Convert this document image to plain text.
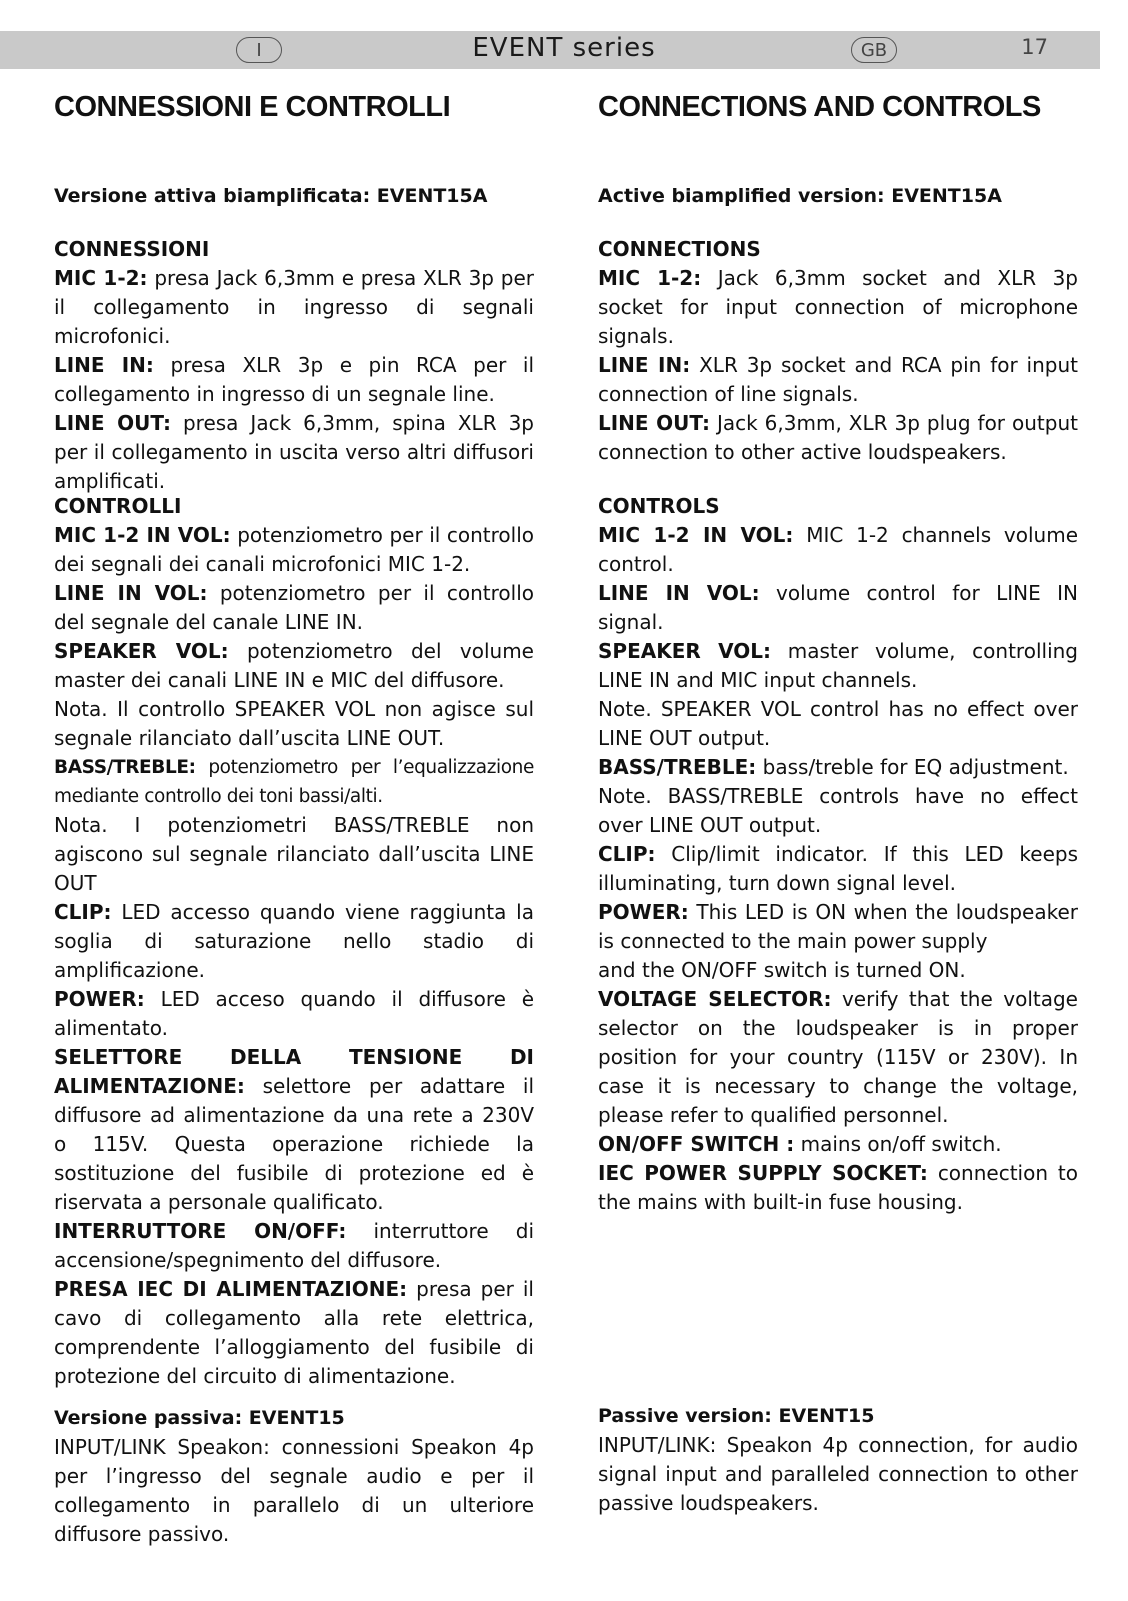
I	EVENT series	GB	17
CONNESSIONI E CONTROLLI
Versione attiva biamplificata: EVENT15A

CONNESSIONI

MIC 1-2: presa Jack 6,3mm e presa XLR 3p per il collegamento in ingresso di segnali microfonici.

LINE IN: presa XLR 3p e pin RCA per il collegamento in ingresso di un segnale line.

LINE OUT: presa Jack 6,3mm, spina XLR 3p per il collegamento in uscita verso altri diffusori amplificati.

CONTROLLI

MIC 1-2 IN VOL: potenziometro per il controllo dei segnali dei canali microfonici MIC 1-2.

LINE IN VOL: potenziometro per il controllo del segnale del canale LINE IN.

SPEAKER VOL: potenziometro del volume master dei canali LINE IN e MIC del diffusore.

Nota. Il controllo SPEAKER VOL non agisce sul segnale rilanciato dall’uscita LINE OUT.

BASS/TREBLE: potenziometro per l’equalizzazione mediante controllo dei toni bassi/alti.

Nota. I potenziometri BASS/TREBLE non agiscono sul segnale rilanciato dall’uscita LINE OUT

CLIP: LED accesso quando viene raggiunta la soglia di saturazione nello stadio di amplificazione.

POWER: LED acceso quando il diffusore è alimentato.

SELETTORE DELLA TENSIONE DI ALIMENTAZIONE: selettore per adattare il diffusore ad alimentazione da una rete a 230V o 115V. Questa operazione richiede la sostituzione del fusibile di protezione ed è riservata a personale qualificato.

INTERRUTTORE ON/OFF: interruttore di accensione/spegnimento del diffusore.

PRESA IEC DI ALIMENTAZIONE: presa per il cavo di collegamento alla rete elettrica, comprendente l’alloggiamento del fusibile di protezione del circuito di alimentazione.

Versione passiva: EVENT15

INPUT/LINK Speakon: connessioni Speakon 4p per l’ingresso del segnale audio e per il collegamento in parallelo di un ulteriore diffusore passivo.

CONNECTIONS AND CONTROLS
Active biamplified version: EVENT15A

CONNECTIONS

MIC 1-2: Jack 6,3mm socket and XLR 3p socket for input connection of microphone signals.

LINE IN: XLR 3p socket and RCA pin for input connection of line signals.

LINE OUT: Jack 6,3mm, XLR 3p plug for output connection to other active loudspeakers.

CONTROLS

MIC 1-2 IN VOL: MIC 1-2 channels volume control.

LINE IN VOL: volume control for LINE IN signal.

SPEAKER VOL: master volume, controlling LINE IN and MIC input channels.

Note. SPEAKER VOL control has no effect over LINE OUT output.

BASS/TREBLE: bass/treble for EQ adjustment.

Note. BASS/TREBLE controls have no effect over LINE OUT output.

CLIP: Clip/limit indicator. If this LED keeps illuminating, turn down signal level.

POWER: This LED is ON when the loudspeaker is connected to the main power supply

and the ON/OFF switch is turned ON.

VOLTAGE SELECTOR: verify that the voltage selector on the loudspeaker is in proper position for your country (115V or 230V). In case it is necessary to change the voltage, please refer to qualified personnel.

ON/OFF SWITCH : mains on/off switch.

IEC POWER SUPPLY SOCKET: connection to the mains with built-in fuse housing.

Passive version: EVENT15

INPUT/LINK: Speakon 4p connection, for audio signal input and paralleled connection to other passive loudspeakers.
